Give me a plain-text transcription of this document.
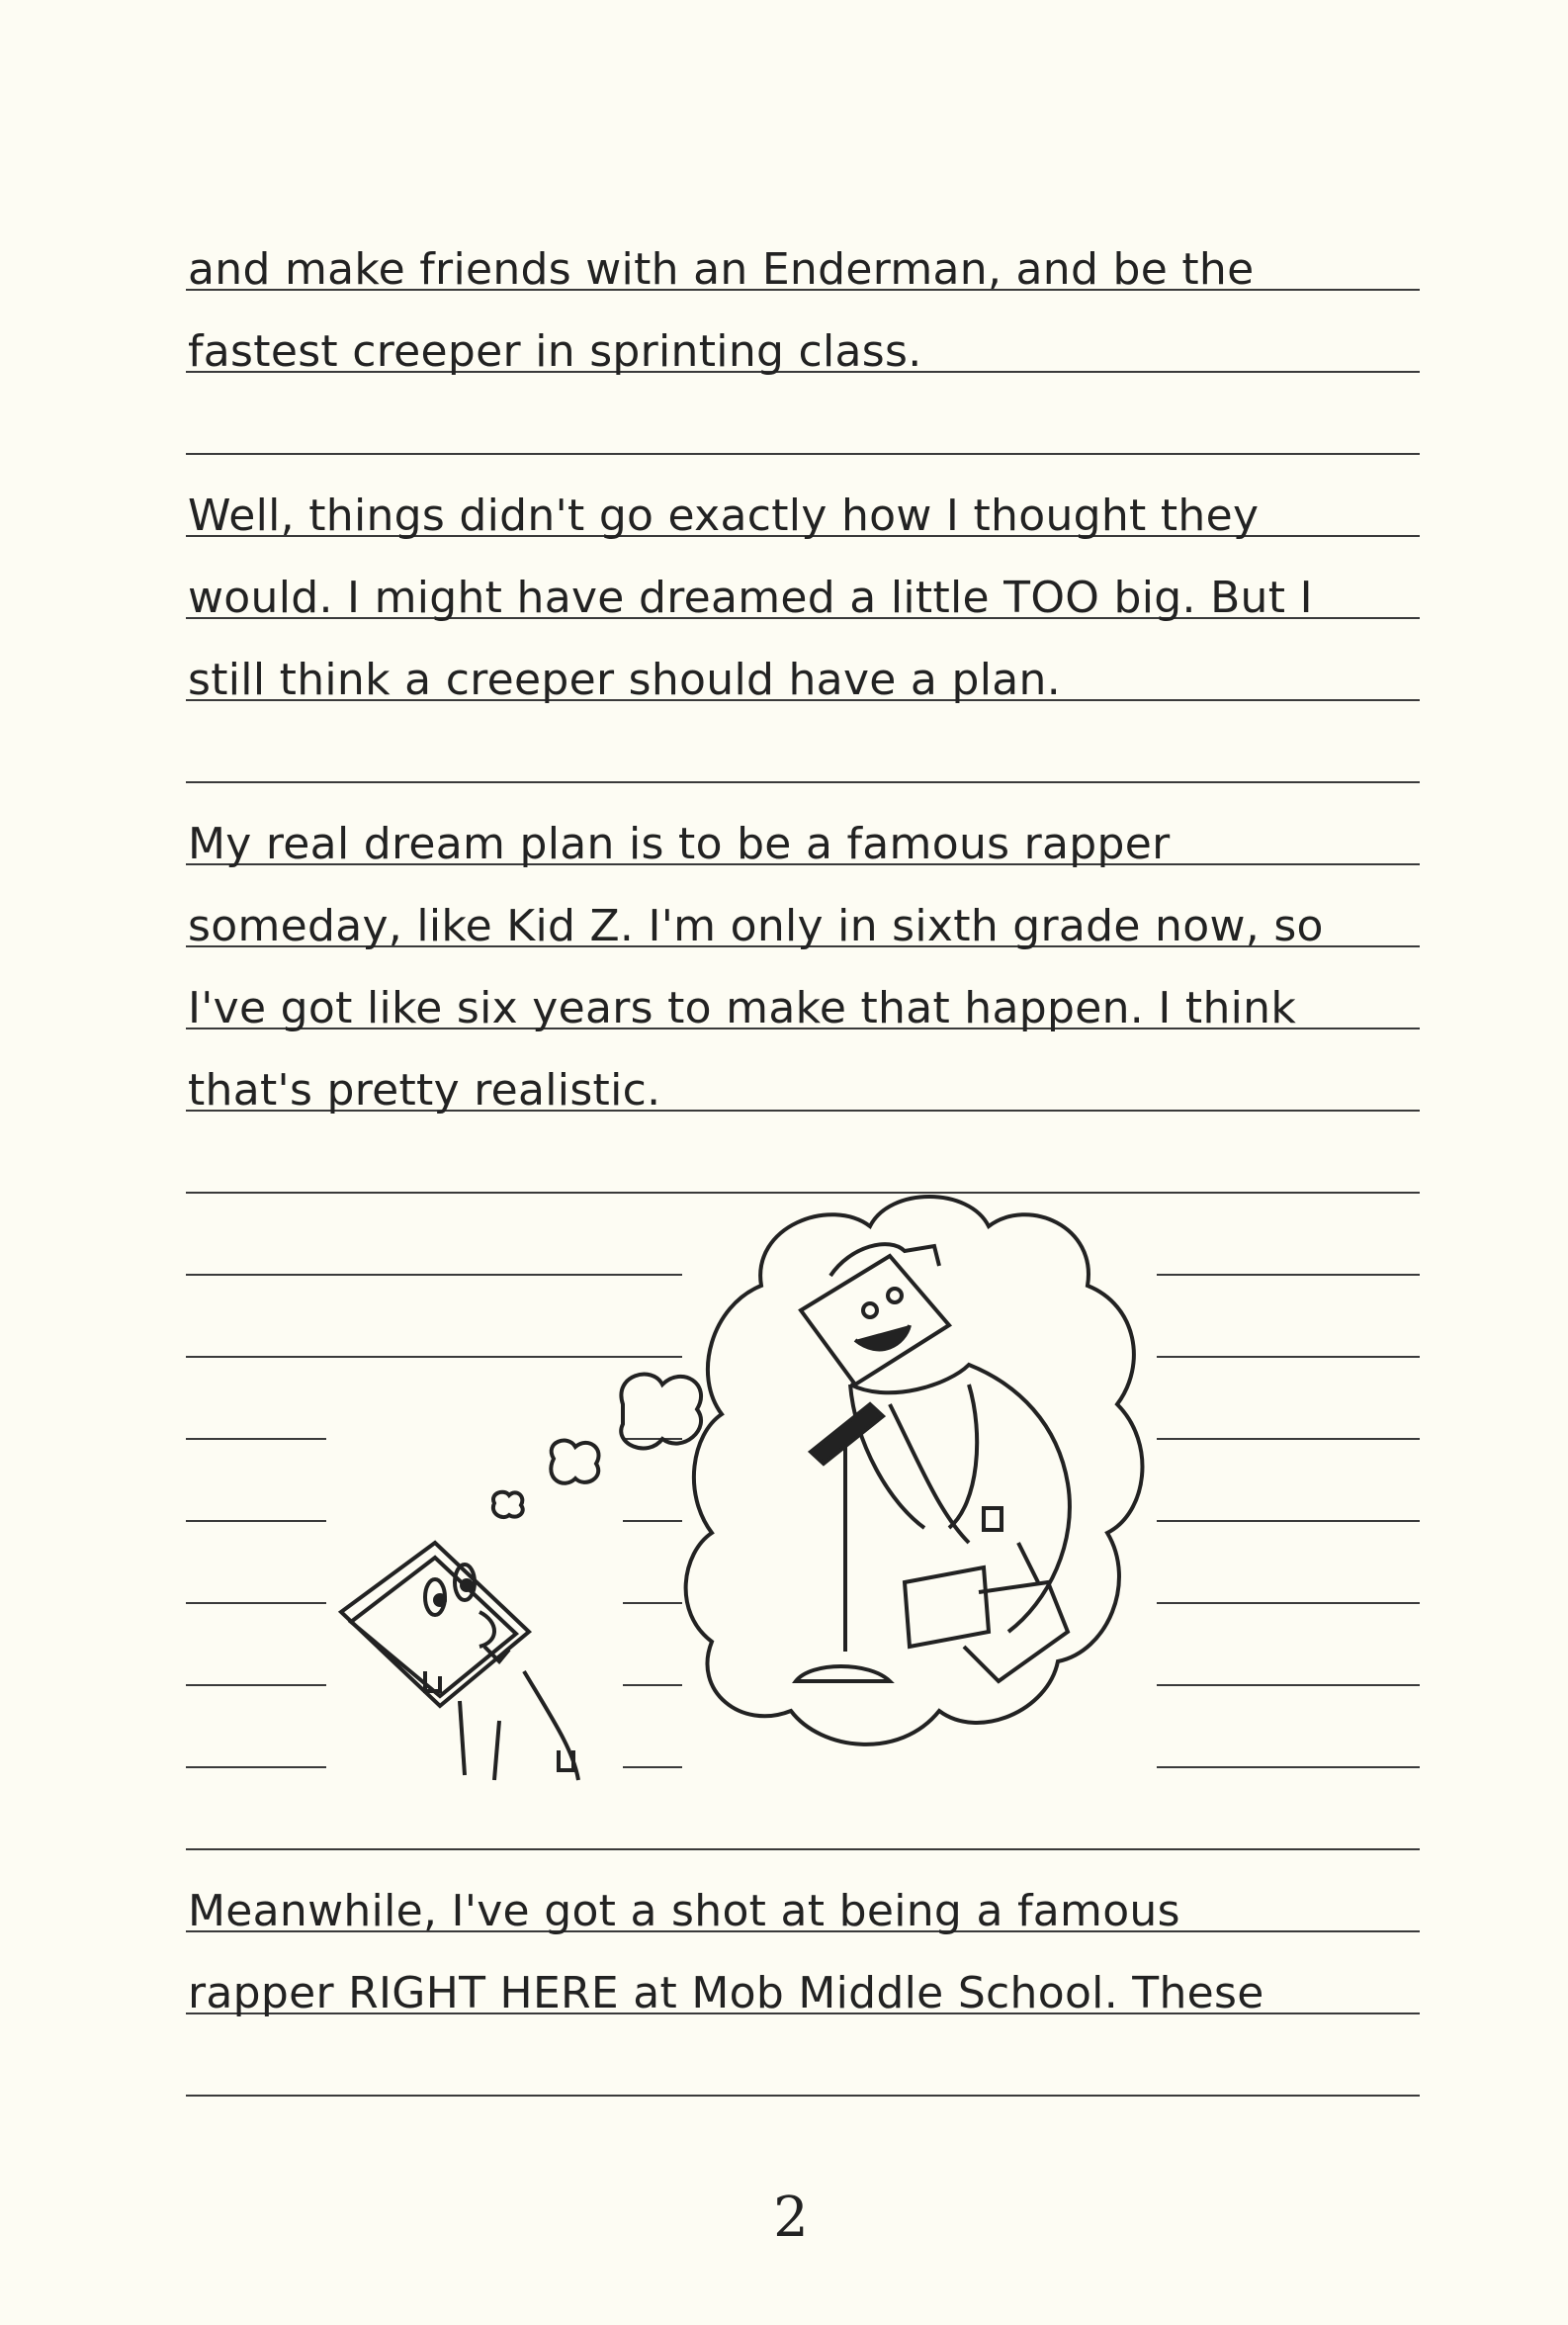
and make friends with an Enderman, and be the
fastest creeper in sprinting class.
Well, things didn't go exactly how I thought they
would. I might have dreamed a little TOO big. But I
still think a creeper should have a plan.
My real dream plan is to be a famous rapper
someday, like Kid Z. I'm only in sixth grade now, so
I've got like six years to make that happen. I think
that's pretty realistic.
Meanwhile, I've got a shot at being a famous
rapper RIGHT HERE at Mob Middle School. These
2
